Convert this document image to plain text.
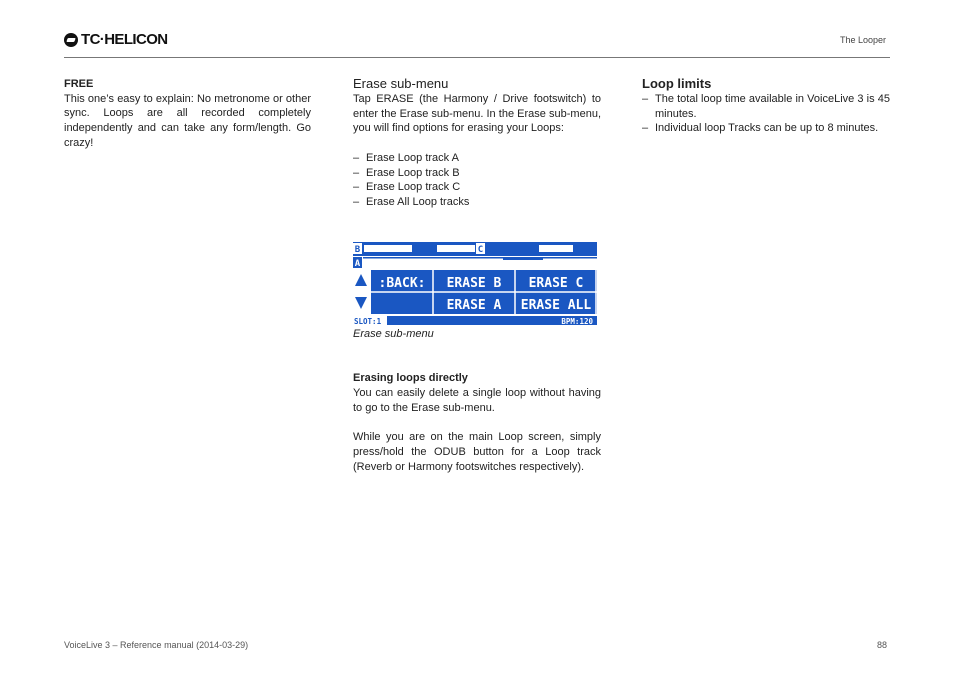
TC·HELICON	The Looper
FREE
This one’s easy to explain: No metronome or other sync. Loops are all recorded completely independently and can take any form/length. Go crazy!
Erase sub-menu
Tap ERASE (the Harmony / Drive footswitch) to enter the Erase sub-menu. In the Erase sub-menu, you will find options for erasing your Loops:
– Erase Loop track A
– Erase Loop track B
– Erase Loop track C
– Erase All Loop tracks
B	C
A
:BACK: ERASE B ERASE C
ERASE A ERASE ALL
SLOT:1	BPM:120
Erase sub-menu
Erasing loops directly
You can easily delete a single loop without having to go to the Erase sub-menu.
While you are on the main Loop screen, simply press/hold the ODUB button for a Loop track (Reverb or Harmony footswitches respectively).
Loop limits
– The total loop time available in VoiceLive 3 is 45 minutes.
– Individual loop Tracks can be up to 8 minutes.
VoiceLive 3 – Reference manual (2014-03-29)	88
